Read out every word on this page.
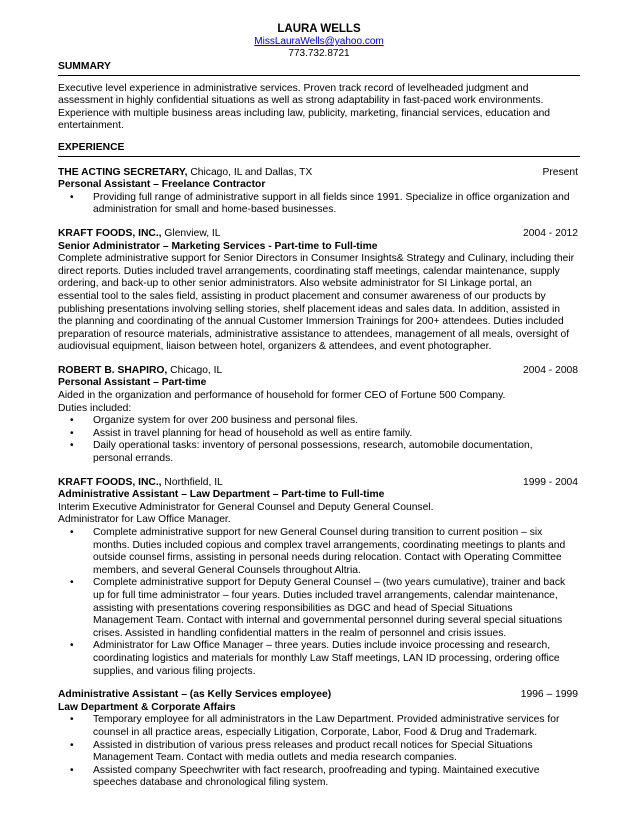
LAURA WELLS
MissLauraWells@yahoo.com
773.732.8721
SUMMARY
Executive level experience in administrative services. Proven track record of levelheaded judgment and
assessment in highly confidential situations as well as strong adaptability in fast-paced work environments.
Experience with multiple business areas including law, publicity, marketing, financial services, education and
entertainment.
EXPERIENCE
THE ACTING SECRETARY, Chicago, IL and Dallas, TX	Present
Personal Assistant – Freelance Contractor
• Providing full range of administrative support in all fields since 1991. Specialize in office organization and
administration for small and home-based businesses.
KRAFT FOODS, INC., Glenview, IL	2004 - 2012
Senior Administrator – Marketing Services - Part-time to Full-time
Complete administrative support for Senior Directors in Consumer Insights& Strategy and Culinary, including their
direct reports. Duties included travel arrangements, coordinating staff meetings, calendar maintenance, supply
ordering, and back-up to other senior administrators. Also website administrator for SI Linkage portal, an
essential tool to the sales field, assisting in product placement and consumer awareness of our products by
publishing presentations involving selling stories, shelf placement ideas and sales data. In addition, assisted in
the planning and coordinating of the annual Customer Immersion Trainings for 200+ attendees. Duties included
preparation of resource materials, administrative assistance to attendees, management of all meals, oversight of
audiovisual equipment, liaison between hotel, organizers & attendees, and event photographer.
ROBERT B. SHAPIRO, Chicago, IL	2004 - 2008
Personal Assistant – Part-time
Aided in the organization and performance of household for former CEO of Fortune 500 Company.
Duties included:
• Organize system for over 200 business and personal files.
• Assist in travel planning for head of household as well as entire family.
• Daily operational tasks: inventory of personal possessions, research, automobile documentation,
personal errands.
KRAFT FOODS, INC., Northfield, IL	1999 - 2004
Administrative Assistant – Law Department – Part-time to Full-time
Interim Executive Administrator for General Counsel and Deputy General Counsel.
Administrator for Law Office Manager.
• Complete administrative support for new General Counsel during transition to current position – six
months. Duties included copious and complex travel arrangements, coordinating meetings to plants and
outside counsel firms, assisting in personal needs during relocation. Contact with Operating Committee
members, and several General Counsels throughout Altria.
• Complete administrative support for Deputy General Counsel – (two years cumulative), trainer and back
up for full time administrator – four years. Duties included travel arrangements, calendar maintenance,
assisting with presentations covering responsibilities as DGC and head of Special Situations
Management Team. Contact with internal and governmental personnel during several special situations
crises. Assisted in handling confidential matters in the realm of personnel and crisis issues.
• Administrator for Law Office Manager – three years. Duties include invoice processing and research,
coordinating logistics and materials for monthly Law Staff meetings, LAN ID processing, ordering office
supplies, and various filing projects.
Administrative Assistant – (as Kelly Services employee)	1996 – 1999
Law Department & Corporate Affairs
• Temporary employee for all administrators in the Law Department. Provided administrative services for
counsel in all practice areas, especially Litigation, Corporate, Labor, Food & Drug and Trademark.
• Assisted in distribution of various press releases and product recall notices for Special Situations
Management Team. Contact with media outlets and media research companies.
• Assisted company Speechwriter with fact research, proofreading and typing. Maintained executive
speeches database and chronological filing system.
